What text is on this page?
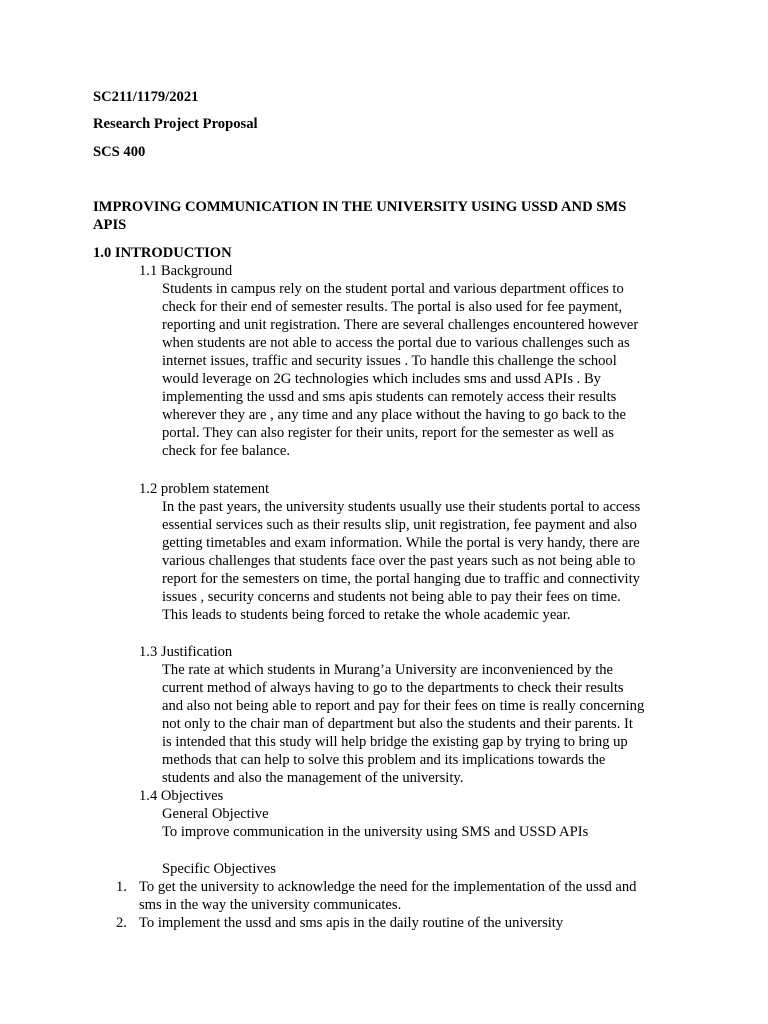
SC211/1179/2021
Research Project Proposal
SCS 400
IMPROVING COMMUNICATION IN THE UNIVERSITY USING USSD AND SMS
APIS
1.0 INTRODUCTION
1.1 Background
Students in campus rely on the student portal and various department offices to
check for their end of semester results. The portal is also used for fee payment,
reporting and unit registration. There are several challenges encountered however
when students are not able to access the portal due to various challenges such as
internet issues, traffic and security issues . To handle this challenge the school
would leverage on 2G technologies which includes sms and ussd APIs . By
implementing the ussd and sms apis students can remotely access their results
wherever they are , any time and any place without the having to go back to the
portal. They can also register for their units, report for the semester as well as
check for fee balance.
1.2 problem statement
In the past years, the university students usually use their students portal to access
essential services such as their results slip, unit registration, fee payment and also
getting timetables and exam information. While the portal is very handy, there are
various challenges that students face over the past years such as not being able to
report for the semesters on time, the portal hanging due to traffic and connectivity
issues , security concerns and students not being able to pay their fees on time.
This leads to students being forced to retake the whole academic year.
1.3 Justification
The rate at which students in Murang’a University are inconvenienced by the
current method of always having to go to the departments to check their results
and also not being able to report and pay for their fees on time is really concerning
not only to the chair man of department but also the students and their parents. It
is intended that this study will help bridge the existing gap by trying to bring up
methods that can help to solve this problem and its implications towards the
students and also the management of the university.
1.4 Objectives
General Objective
To improve communication in the university using SMS and USSD APIs
Specific Objectives
1. To get the university to acknowledge the need for the implementation of the ussd and
sms in the way the university communicates.
2. To implement the ussd and sms apis in the daily routine of the university
